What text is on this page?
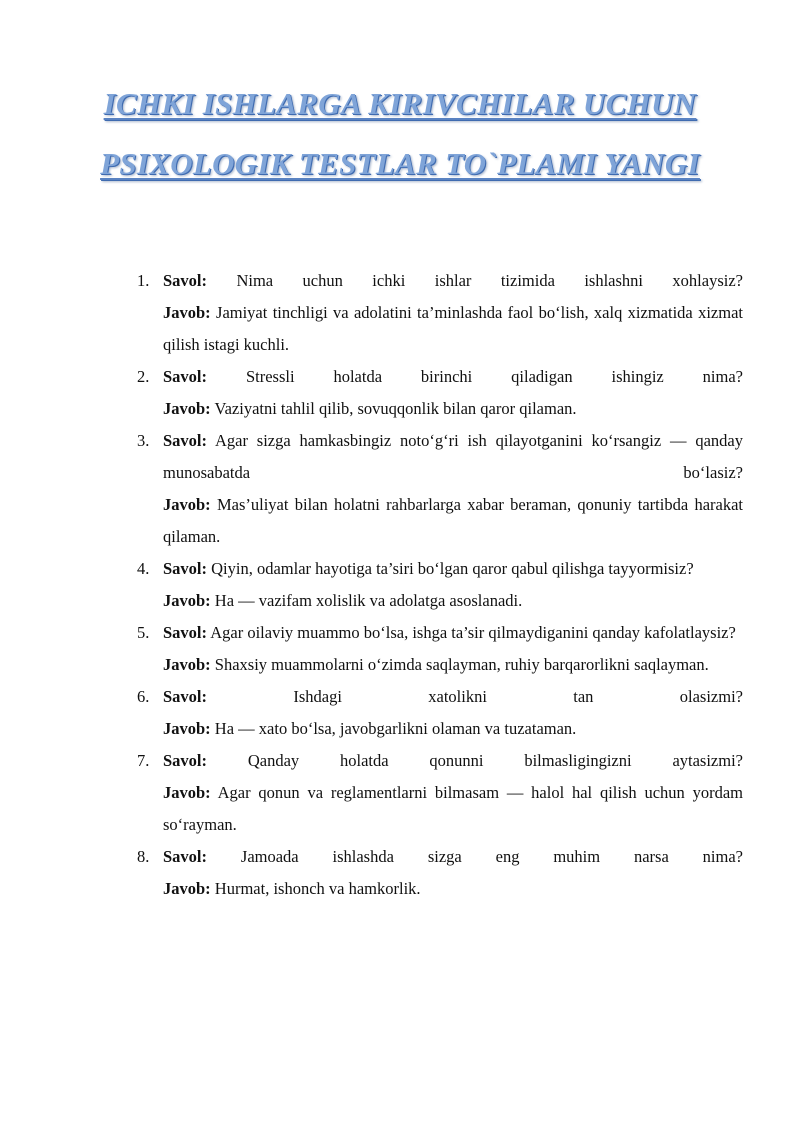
ICHKI ISHLARGA KIRIVCHILAR UCHUN
PSIXOLOGIK TESTLAR TO`PLAMI YANGI
1. Savol: Nima uchun ichki ishlar tizimida ishlashni xohlaysiz?
Javob: Jamiyat tinchligi va adolatini ta’minlashda faol bo‘lish, xalq xizmatida xizmat qilish istagi kuchli.
2. Savol: Stressli holatda birinchi qiladigan ishingiz nima?
Javob: Vaziyatni tahlil qilib, sovuqqonlik bilan qaror qilaman.
3. Savol: Agar sizga hamkasbingiz noto‘g‘ri ish qilayotganini ko‘rsangiz — qanday munosabatda bo‘lasiz?
Javob: Mas’uliyat bilan holatni rahbarlarga xabar beraman, qonuniy tartibda harakat qilaman.
4. Savol: Qiyin, odamlar hayotiga ta’siri bo‘lgan qaror qabul qilishga tayyormisiz?
Javob: Ha — vazifam xolislik va adolatga asoslanadi.
5. Savol: Agar oilaviy muammo bo‘lsa, ishga ta’sir qilmaydiganini qanday kafolatlaysiz?
Javob: Shaxsiy muammolarni o‘zimda saqlayman, ruhiy barqarorlikni saqlayman.
6. Savol: Ishdagi xatolikni tan olasizmi?
Javob: Ha — xato bo‘lsa, javobgarlikni olaman va tuzataman.
7. Savol: Qanday holatda qonunni bilmasligingizni aytasizmi?
Javob: Agar qonun va reglamentlarni bilmasam — halol hal qilish uchun yordam so‘rayman.
8. Savol: Jamoada ishlashda sizga eng muhim narsa nima?
Javob: Hurmat, ishonch va hamkorlik.
